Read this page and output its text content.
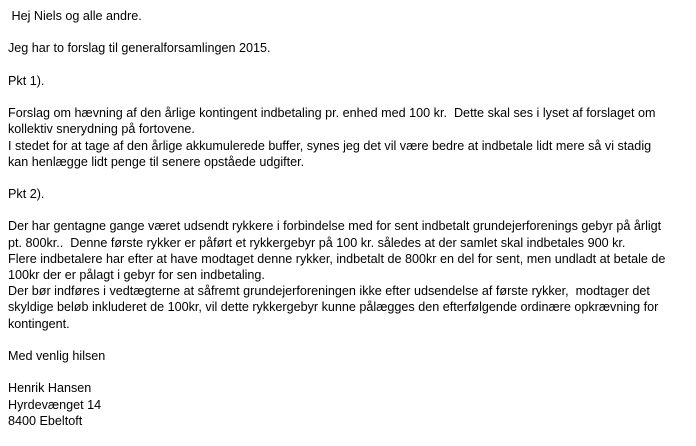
Hej Niels og alle andre.
Jeg har to forslag til generalforsamlingen 2015.
Pkt 1).
Forslag om hævning af den årlige kontingent indbetaling pr. enhed med 100 kr.  Dette skal ses i lyset af forslaget om
kollektiv snerydning på fortovene.
I stedet for at tage af den årlige akkumulerede buffer, synes jeg det vil være bedre at indbetale lidt mere så vi stadig
kan henlægge lidt penge til senere opståede udgifter.
Pkt 2).
Der har gentagne gange været udsendt rykkere i forbindelse med for sent indbetalt grundejerforenings gebyr på årligt
pt. 800kr..  Denne første rykker er påført et rykkergebyr på 100 kr. således at der samlet skal indbetales 900 kr.
Flere indbetalere har efter at have modtaget denne rykker, indbetalt de 800kr en del for sent, men undladt at betale de
100kr der er pålagt i gebyr for sen indbetaling.
Der bør indføres i vedtægterne at såfremt grundejerforeningen ikke efter udsendelse af første rykker,  modtager det
skyldige beløb inkluderet de 100kr, vil dette rykkergebyr kunne pålægges den efterfølgende ordinære opkrævning for
kontingent.
Med venlig hilsen
Henrik Hansen
Hyrdevænget 14
8400 Ebeltoft
